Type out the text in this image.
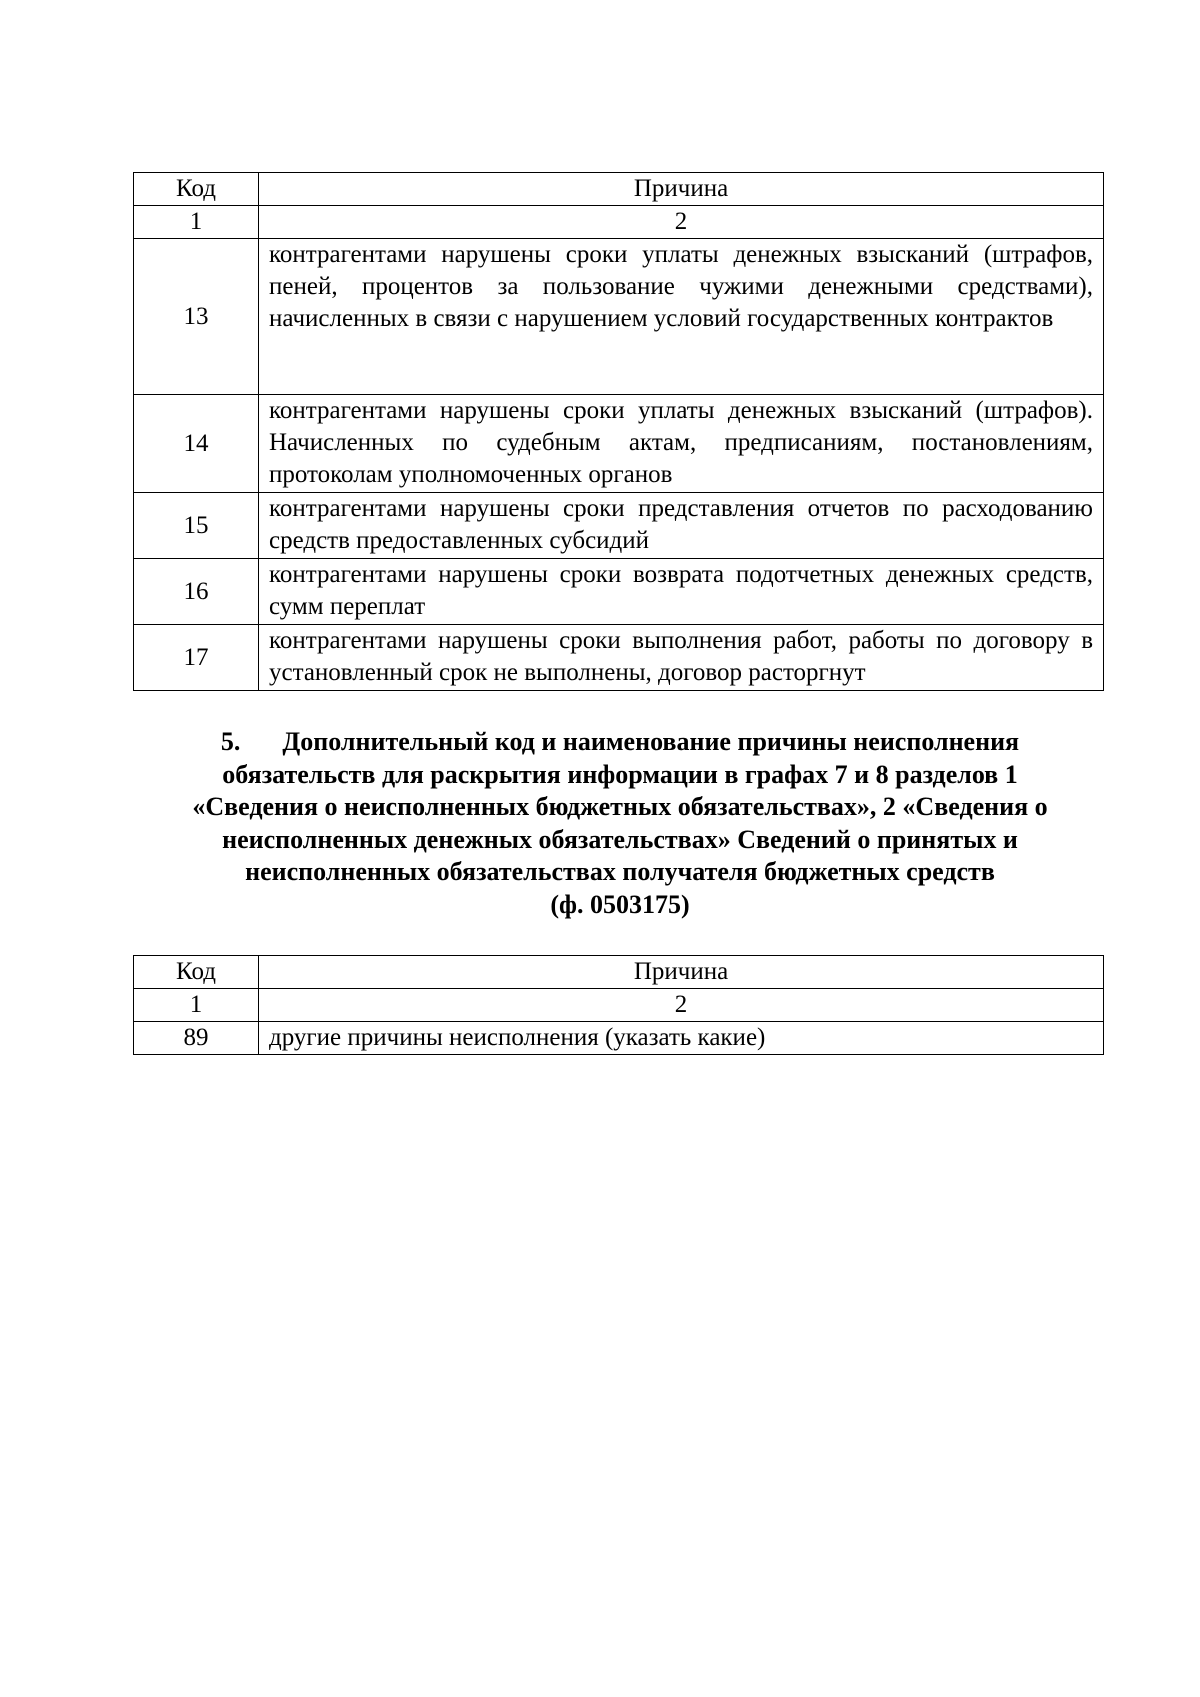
Код	Причина
1	2
13	контрагентами нарушены сроки уплаты денежных взысканий (штрафов, пеней, процентов за пользование чужими денежными средствами), начисленных в связи с нарушением условий государственных контрактов
14	контрагентами нарушены сроки уплаты денежных взысканий (штрафов). Начисленных по судебным актам, предписаниям, постановлениям, протоколам уполномоченных органов
15	контрагентами нарушены сроки представления отчетов по расходованию средств предоставленных субсидий
16	контрагентами нарушены сроки возврата подотчетных денежных средств, сумм переплат
17	контрагентами нарушены сроки выполнения работ, работы по договору в установленный срок не выполнены, договор расторгнут
5. Дополнительный код и наименование причины неисполнения
обязательств для раскрытия информации в графах 7 и 8 разделов 1
«Сведения о неисполненных бюджетных обязательствах», 2 «Сведения о
неисполненных денежных обязательствах» Сведений о принятых и
неисполненных обязательствах получателя бюджетных средств
(ф. 0503175)
Код	Причина
1	2
89	другие причины неисполнения (указать какие)
